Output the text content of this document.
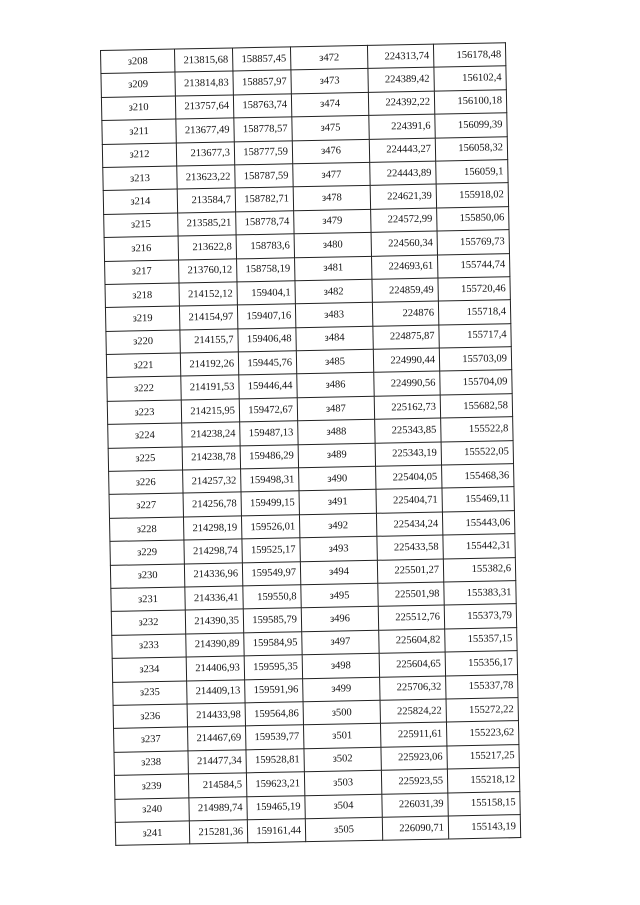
з208	213815,68	158857,45	з472	224313,74	156178,48
з209	213814,83	158857,97	з473	224389,42	156102,4
з210	213757,64	158763,74	з474	224392,22	156100,18
з211	213677,49	158778,57	з475	224391,6	156099,39
з212	213677,3	158777,59	з476	224443,27	156058,32
з213	213623,22	158787,59	з477	224443,89	156059,1
з214	213584,7	158782,71	з478	224621,39	155918,02
з215	213585,21	158778,74	з479	224572,99	155850,06
з216	213622,8	158783,6	з480	224560,34	155769,73
з217	213760,12	158758,19	з481	224693,61	155744,74
з218	214152,12	159404,1	з482	224859,49	155720,46
з219	214154,97	159407,16	з483	224876	155718,4
з220	214155,7	159406,48	з484	224875,87	155717,4
з221	214192,26	159445,76	з485	224990,44	155703,09
з222	214191,53	159446,44	з486	224990,56	155704,09
з223	214215,95	159472,67	з487	225162,73	155682,58
з224	214238,24	159487,13	з488	225343,85	155522,8
з225	214238,78	159486,29	з489	225343,19	155522,05
з226	214257,32	159498,31	з490	225404,05	155468,36
з227	214256,78	159499,15	з491	225404,71	155469,11
з228	214298,19	159526,01	з492	225434,24	155443,06
з229	214298,74	159525,17	з493	225433,58	155442,31
з230	214336,96	159549,97	з494	225501,27	155382,6
з231	214336,41	159550,8	з495	225501,98	155383,31
з232	214390,35	159585,79	з496	225512,76	155373,79
з233	214390,89	159584,95	з497	225604,82	155357,15
з234	214406,93	159595,35	з498	225604,65	155356,17
з235	214409,13	159591,96	з499	225706,32	155337,78
з236	214433,98	159564,86	з500	225824,22	155272,22
з237	214467,69	159539,77	з501	225911,61	155223,62
з238	214477,34	159528,81	з502	225923,06	155217,25
з239	214584,5	159623,21	з503	225923,55	155218,12
з240	214989,74	159465,19	з504	226031,39	155158,15
з241	215281,36	159161,44	з505	226090,71	155143,19
